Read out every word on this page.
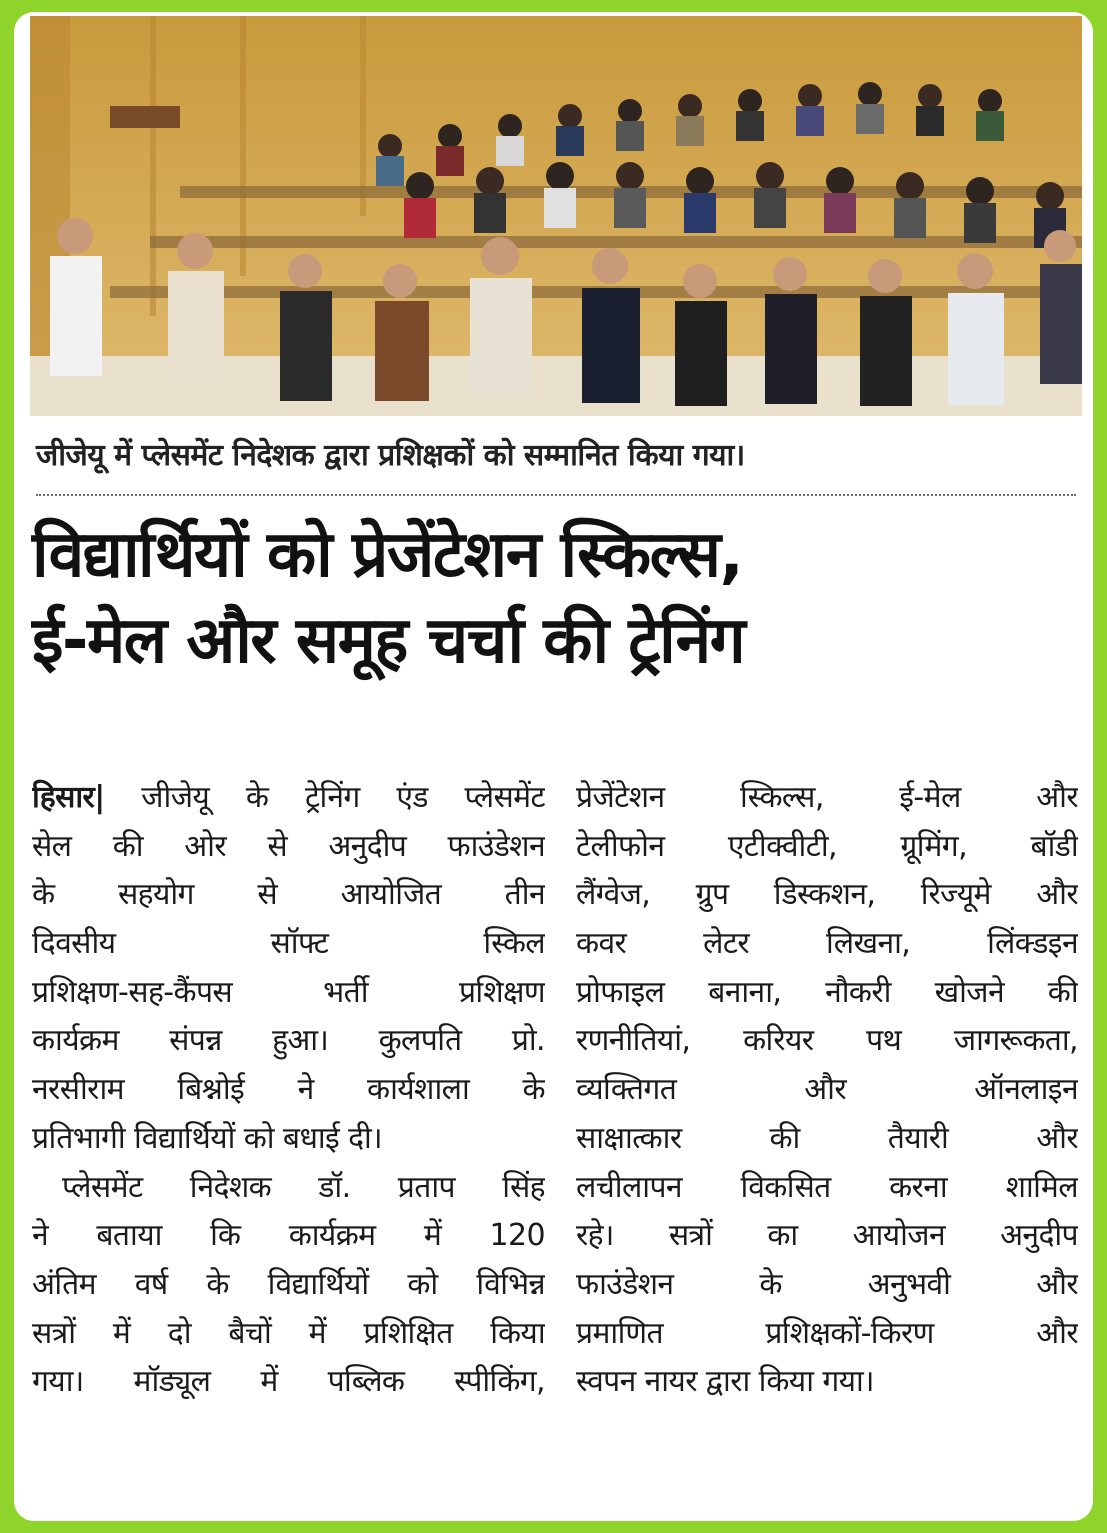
जीजेयू में प्लेसमेंट निदेशक द्वारा प्रशिक्षकों को सम्मानित किया गया।
विद्यार्थियों को प्रेजेंटेशन स्किल्स,
ई-मेल और समूह चर्चा की ट्रेनिंग
हिसार| जीजेयू के ट्रेनिंग एंड प्लेसमेंट
सेल की ओर से अनुदीप फाउंडेशन
के सहयोग से आयोजित तीन
दिवसीय सॉफ्ट स्किल
प्रशिक्षण-सह-कैंपस भर्ती प्रशिक्षण
कार्यक्रम संपन्न हुआ। कुलपति प्रो.
नरसीराम बिश्नोई ने कार्यशाला के
प्रतिभागी विद्यार्थियों को बधाई दी।
प्लेसमेंट निदेशक डॉ. प्रताप सिंह
ने बताया कि कार्यक्रम में 120
अंतिम वर्ष के विद्यार्थियों को विभिन्न
सत्रों में दो बैचों में प्रशिक्षित किया
गया। मॉड्यूल में पब्लिक स्पीकिंग,
प्रेजेंटेशन स्किल्स, ई-मेल और
टेलीफोन एटीक्वीटी, ग्रूमिंग, बॉडी
लैंग्वेज, ग्रुप डिस्कशन, रिज्यूमे और
कवर लेटर लिखना, लिंक्डइन
प्रोफाइल बनाना, नौकरी खोजने की
रणनीतियां, करियर पथ जागरूकता,
व्यक्तिगत और ऑनलाइन
साक्षात्कार की तैयारी और
लचीलापन विकसित करना शामिल
रहे। सत्रों का आयोजन अनुदीप
फाउंडेशन के अनुभवी और
प्रमाणित प्रशिक्षकों-किरण और
स्वपन नायर द्वारा किया गया।
